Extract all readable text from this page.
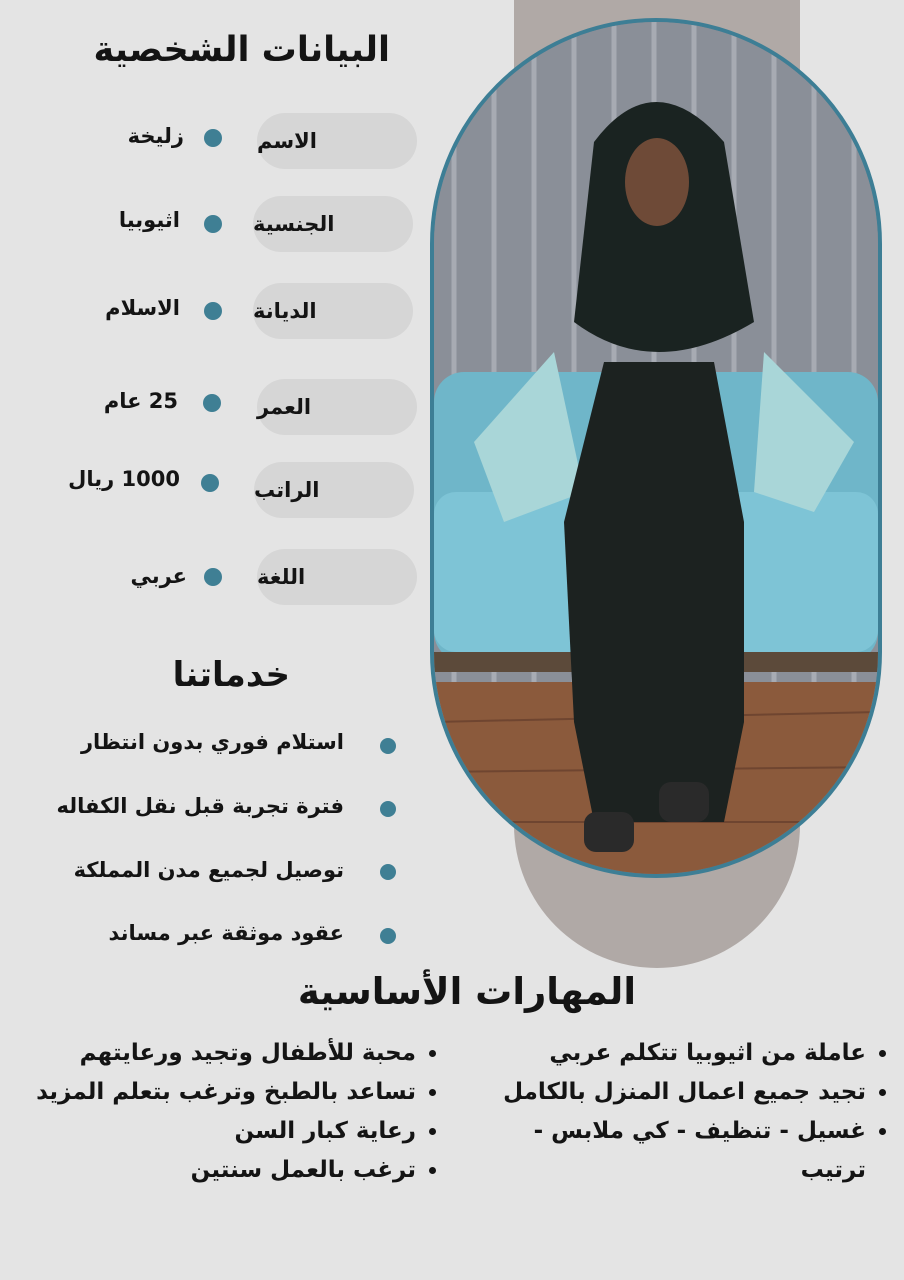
البيانات الشخصية
الاسم
زليخة
الجنسية
اثيوبيا
الديانة
الاسلام
العمر
25 عام
الراتب
1000 ريال
اللغة
عربي
خدماتنا
استلام فوري بدون انتظار
فترة تجربة قبل نقل الكفاله
توصيل لجميع مدن المملكة
عقود موثقة عبر مساند
المهارات الأساسية
• عاملة من اثيوبيا تتكلم عربي
• تجيد جميع اعمال المنزل بالكامل
• غسيل - تنظيف - كي ملابس - ترتيب
• محبة للأطفال وتجيد ورعايتهم
• تساعد بالطبخ وترغب بتعلم المزيد
• رعاية كبار السن
• ترغب بالعمل سنتين
